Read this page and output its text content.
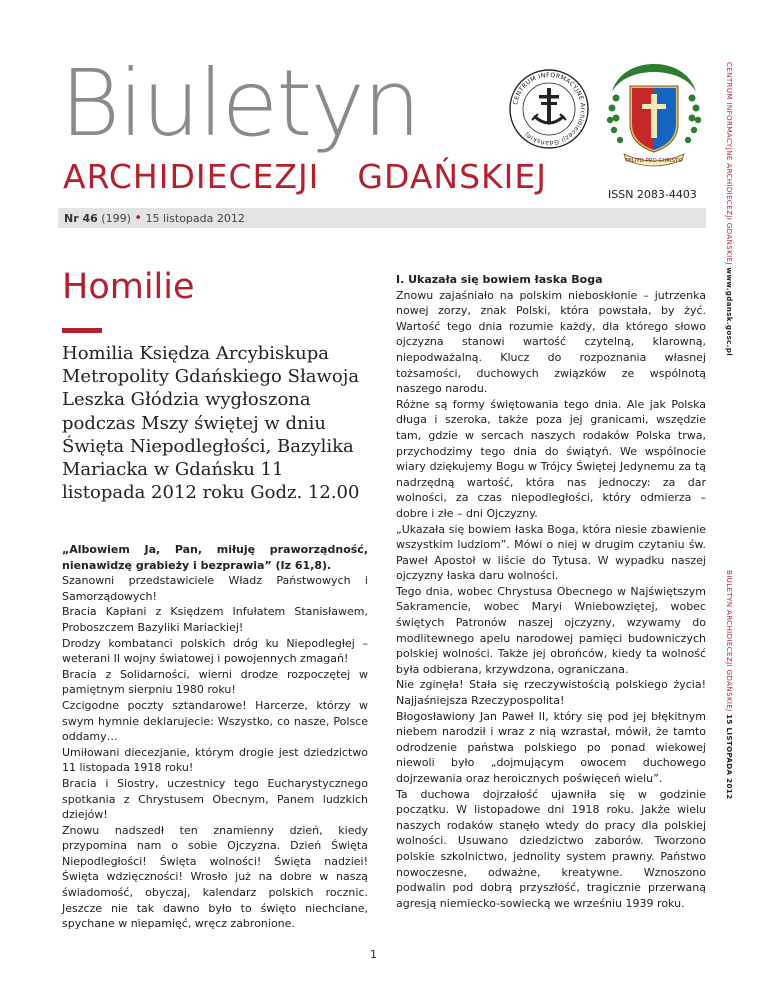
Biuletyn
ARCHIDIECEZJI GDAŃSKIEJ	ISSN 2083-4403
CENTRUM INFORMACYJNE Archidiecezji Gdańskiej
MILITO PRO CHRISTO
Nr 46 (199) • 15 listopada 2012
Homilie
Homilia Księdza Arcybiskupa Metropolity Gdańskiego Sławoja Leszka Głódzia wygłoszona podczas Mszy świętej w dniu Święta Niepodległości, Bazylika Mariacka w Gdańsku 11 listopada 2012 roku Godz. 12.00

„Albowiem Ja, Pan, miłuję praworządność, nienawidzę grabieży i bezprawia” (Iz 61,8).

Szanowni przedstawiciele Władz Państwowych i Samorządowych!

Bracia Kapłani z Księdzem Infułatem Stanisławem, Proboszczem Bazyliki Mariackiej!

Drodzy kombatanci polskich dróg ku Niepodległej – weterani II wojny światowej i powojennych zmagań!

Bracia z Solidarności, wierni drodze rozpoczętej w pamiętnym sierpniu 1980 roku!

Czcigodne poczty sztandarowe! Harcerze, którzy w swym hymnie deklarujecie: Wszystko, co nasze, Polsce oddamy…

Umiłowani diecezjanie, którym drogie jest dziedzictwo 11 listopada 1918 roku!

Bracia i Siostry, uczestnicy tego Eucharystycznego spotkania z Chrystusem Obecnym, Panem ludzkich dziejów!

Znowu nadszedł ten znamienny dzień, kiedy przypomina nam o sobie Ojczyzna. Dzień Święta Niepodległości! Święta wolności! Święta nadziei! Święta wdzięczności! Wrosło już na dobre w naszą świadomość, obyczaj, kalendarz polskich rocznic. Jeszcze nie tak dawno było to święto niechciane, spychane w niepamięć, wręcz zabronione.

I. Ukazała się bowiem łaska Boga

Znowu zajaśniało na polskim nieboskłonie – jutrzenka nowej zorzy, znak Polski, która powstała, by żyć. Wartość tego dnia rozumie każdy, dla którego słowo ojczyzna stanowi wartość czytelną, klarowną, niepodważalną. Klucz do rozpoznania własnej tożsamości, duchowych związków ze wspólnotą naszego narodu.

Różne są formy świętowania tego dnia. Ale jak Polska długa i szeroka, także poza jej granicami, wszędzie tam, gdzie w sercach naszych rodaków Polska trwa, przychodzimy tego dnia do świątyń. We wspólnocie wiary dziękujemy Bogu w Trójcy Świętej Jedynemu za tą nadrzędną wartość, która nas jednoczy: za dar wolności, za czas niepodległości, który odmierza – dobre i złe – dni Ojczyzny.

„Ukazała się bowiem łaska Boga, która niesie zbawienie wszystkim ludziom”. Mówi o niej w drugim czytaniu św. Paweł Apostoł w liście do Tytusa. W wypadku naszej ojczyzny łaska daru wolności.

Tego dnia, wobec Chrystusa Obecnego w Najświętszym Sakramencie, wobec Maryi Wniebowziętej, wobec świętych Patronów naszej ojczyzny, wzywamy do modlitewnego apelu narodowej pamięci budowniczych polskiej wolności. Także jej obrońców, kiedy ta wolność była odbierana, krzywdzona, ograniczana.

Nie zginęła! Stała się rzeczywistością polskiego życia! Najjaśniejsza Rzeczypospolita!

Błogosławiony Jan Paweł II, który się pod jej błękitnym niebem narodził i wraz z nią wzrastał, mówił, że tamto odrodzenie państwa polskiego po ponad wiekowej niewoli było „dojmującym owocem duchowego dojrzewania oraz heroicznych poświęceń wielu”.

Ta duchowa dojrzałość ujawniła się w godzinie początku. W listopadowe dni 1918 roku. Jakże wielu naszych rodaków stanęło wtedy do pracy dla polskiej wolności. Usuwano dziedzictwo zaborów. Tworzono polskie szkolnictwo, jednolity system prawny. Państwo nowoczesne, odważne, kreatywne. Wznoszono podwalin pod dobrą przyszłość, tragicznie przerwaną agresją niemiecko-sowiecką we wrześniu 1939 roku.

CENTRUM INFORMACYJNE ARCHIDIECEZJI GDAŃSKIEJ www.gdansk.gosc.pl
BIULETYN ARCHIDIECEZJI GDAŃSKIEJ 15 LISTOPADA 2012
1
